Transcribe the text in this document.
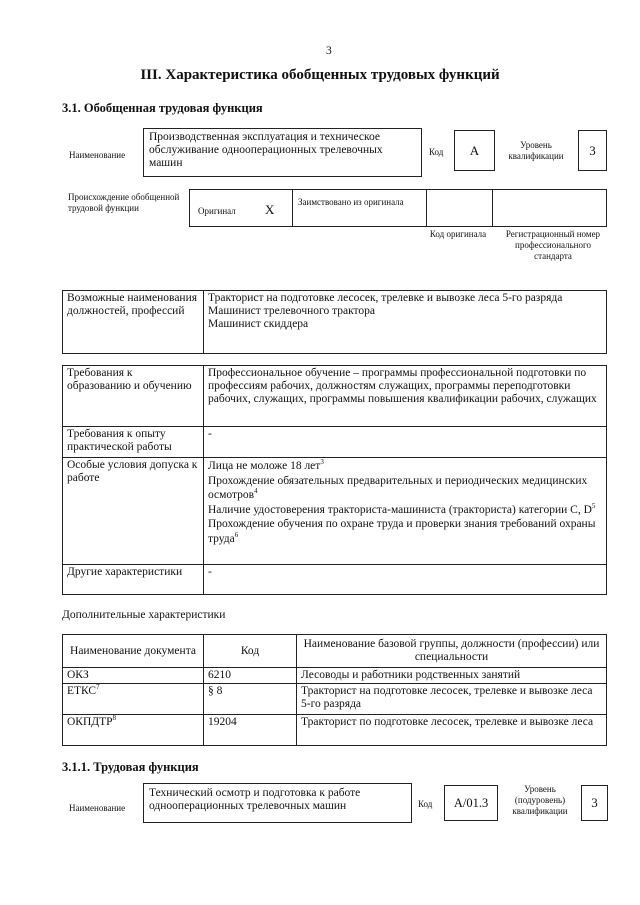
3
III. Характеристика обобщенных трудовых функций
3.1. Обобщенная трудовая функция
Наименование
Производственная эксплуатация и техническое обслуживание однооперационных трелевочных машин
Код	A	Уровень квалификации	3
Происхождение обобщенной трудовой функции	Оригинал X	Заимствовано из оригинала
Код оригинала	Регистрационный номер профессионального стандарта
Возможные наименования должностей, профессий	
Тракторист на подготовке лесосек, трелевке и вывозке леса 5-го разряда
Машинист трелевочного трактора
Машинист скиддера
Требования к образованию и обучению	Профессиональное обучение – программы профессиональной подготовки по профессиям рабочих, должностям служащих, программы переподготовки рабочих, служащих, программы повышения квалификации рабочих, служащих
Требования к опыту практической работы	-
Особые условия допуска к работе	Лица не моложе 18 лет$^3$
Прохождение обязательных предварительных и периодических медицинских осмотров$^4$
Наличие удостоверения тракториста-машиниста (тракториста) категории C, $D^5$
Прохождение обучения по охране труда и проверки знания требований охраны труда$^6$

Другие характеристики	-
Дополнительные характеристики
Наименование документа	Код	Наименование базовой группы, должности (профессии) или специальности
ОКЗ	6210	Лесоводы и работники родственных занятий
ЕТКС$^7$	§ 8	Тракторист на подготовке лесосек, трелевке и вывозке леса 5-го разряда
ОКПДТР$^8$	19204	Тракторист по подготовке лесосек, трелевке и вывозке леса
3.1.1. Трудовая функция
Наименование
Технический осмотр и подготовка к работе однооперационных трелевочных машин	Код	A/01.3
Уровень (подуровень) квалификации
3
